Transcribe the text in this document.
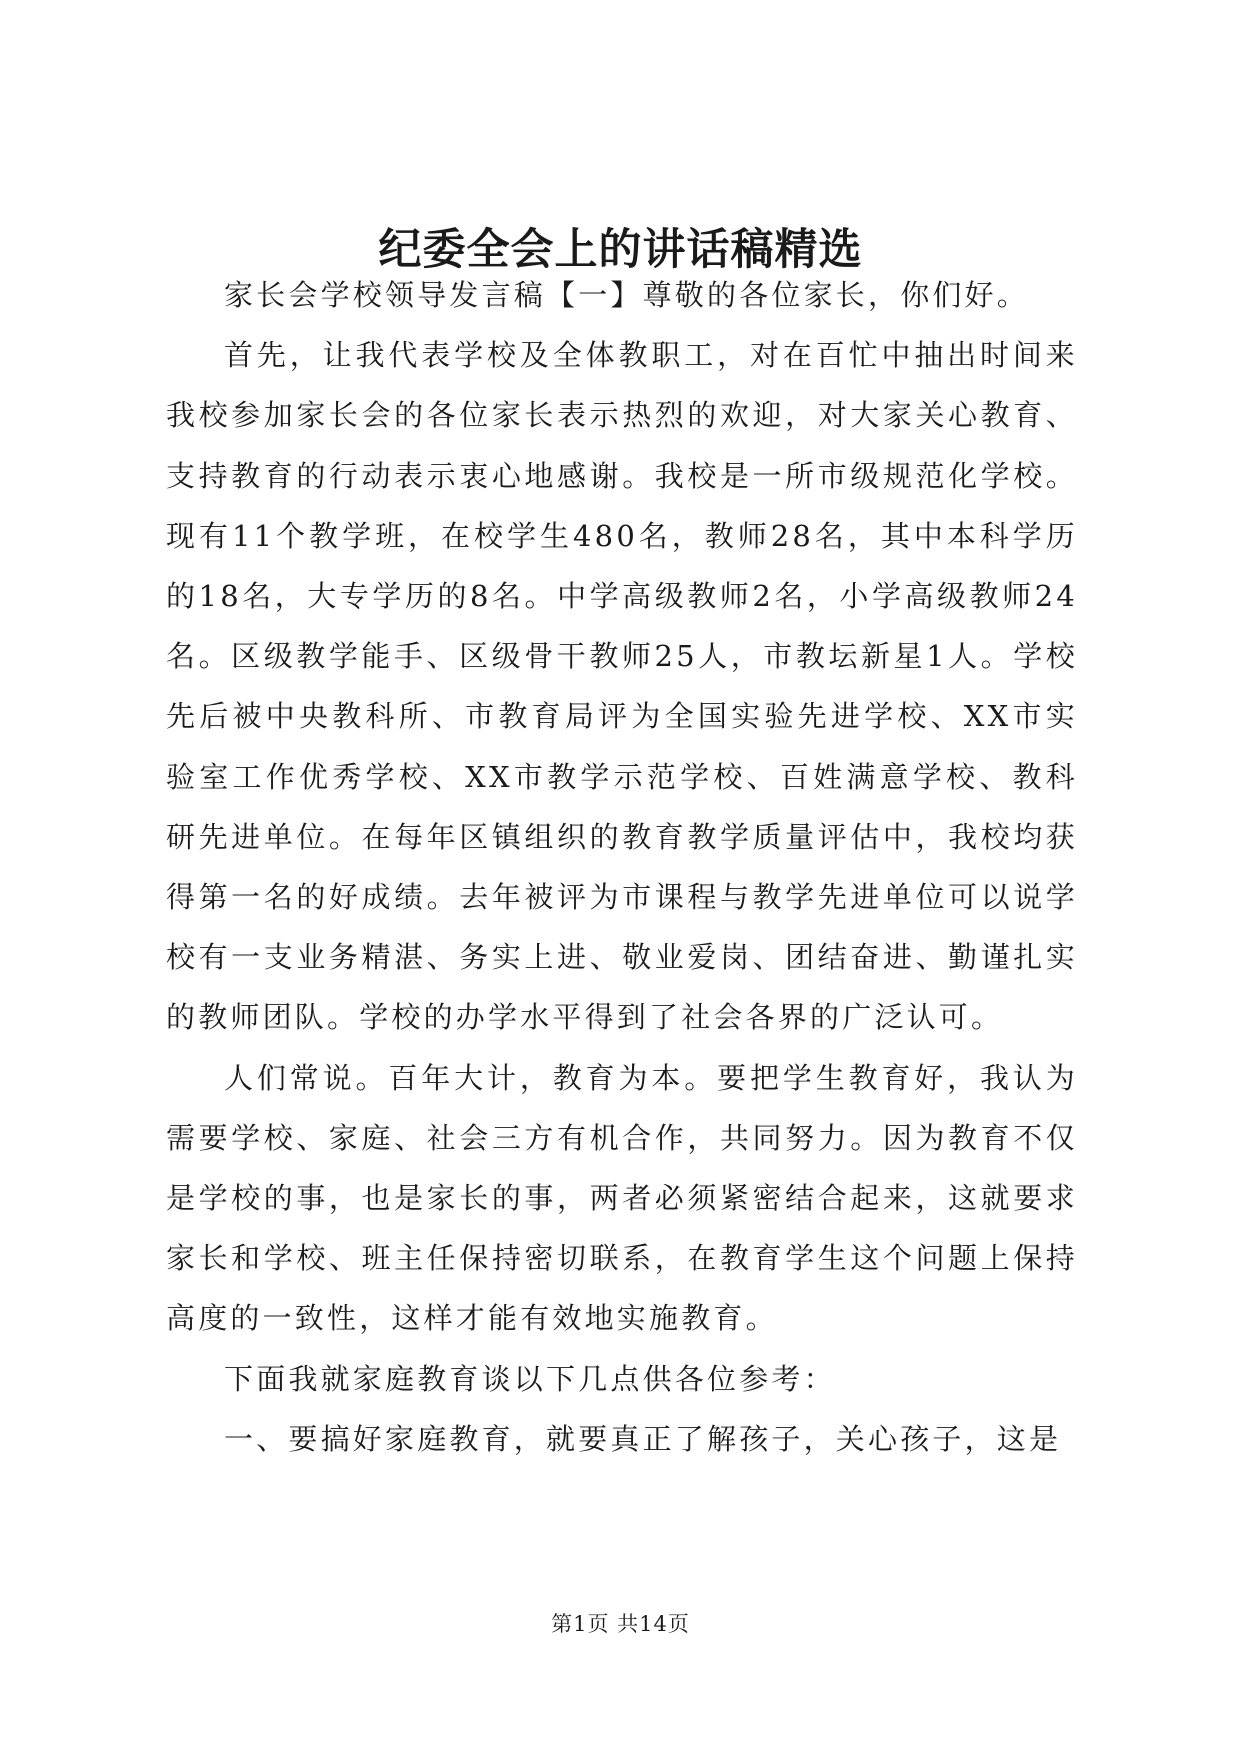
纪委全会上的讲话稿精选

家长会学校领导发言稿【一】尊敬的各位家长，你们好。

首先，让我代表学校及全体教职工，对在百忙中抽出时间来我校参加家长会的各位家长表示热烈的欢迎，对大家关心教育、支持教育的行动表示衷心地感谢。我校是一所市级规范化学校。现有11个教学班，在校学生480名，教师28名，其中本科学历的18名，大专学历的8名。中学高级教师2名，小学高级教师24名。区级教学能手、区级骨干教师25人，市教坛新星1人。学校先后被中央教科所、市教育局评为全国实验先进学校、XX市实验室工作优秀学校、XX市教学示范学校、百姓满意学校、教科研先进单位。在每年区镇组织的教育教学质量评估中，我校均获得第一名的好成绩。去年被评为市课程与教学先进单位可以说学校有一支业务精湛、务实上进、敬业爱岗、团结奋进、勤谨扎实的教师团队。学校的办学水平得到了社会各界的广泛认可。

人们常说。百年大计，教育为本。要把学生教育好，我认为需要学校、家庭、社会三方有机合作，共同努力。因为教育不仅是学校的事，也是家长的事，两者必须紧密结合起来，这就要求家长和学校、班主任保持密切联系，在教育学生这个问题上保持高度的一致性，这样才能有效地实施教育。

下面我就家庭教育谈以下几点供各位参考：

一、要搞好家庭教育，就要真正了解孩子，关心孩子，这是

第1页 共14页
